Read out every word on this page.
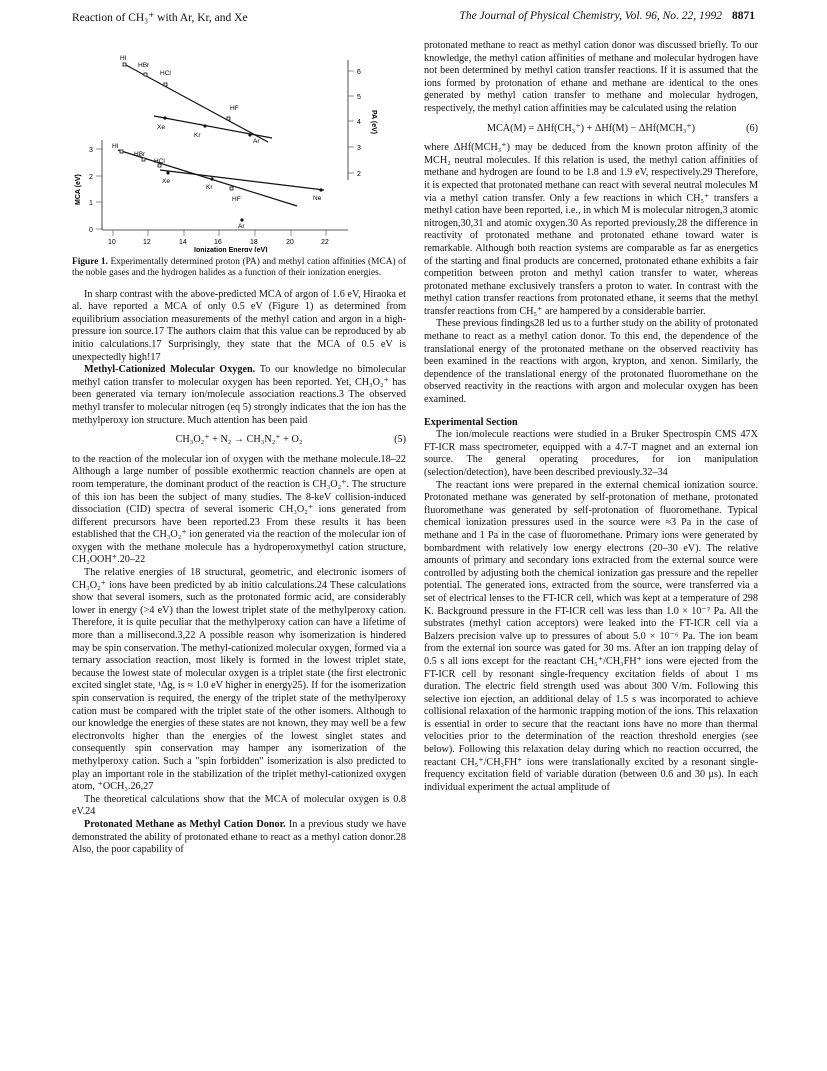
Reaction of CH₃⁺ with Ar, Kr, and Xe	The Journal of Physical Chemistry, Vol. 96, No. 22, 1992 8871
6
5
4
3
2
PA (eV)
3
2
1
0
MCA (eV)
10	12	14	16	18	20	22
Ionization Energy (eV)
HI
HBr
HCl
HF
Xe
Kr
Ar
HI
HBr
HCl
Xe
Kr
HF	Ne
Ar

Figure 1. Experimentally determined proton (PA) and methyl cation affinities (MCA) of the noble gases and the hydrogen halides as a function of their ionization energies.

In sharp contrast with the above-predicted MCA of argon of 1.6 eV, Hiraoka et al. have reported a MCA of only 0.5 eV (Figure 1) as determined from equilibrium association measurements of the methyl cation and argon in a high-pressure ion source.17 The authors claim that this value can be reproduced by ab initio calculations.17 Surprisingly, they state that the MCA of 0.5 eV is unexpectedly high!17

Methyl-Cationized Molecular Oxygen. To our knowledge no bimolecular methyl cation transfer to molecular oxygen has been reported. Yet, CH₃O₂⁺ has been generated via ternary ion/molecule association reactions.3 The observed methyl transfer to molecular nitrogen (eq 5) strongly indicates that the ion has the methylperoxy ion structure. Much attention has been paid

CH₃O₂⁺ + N₂ → CH₃N₂⁺ + O₂	(5)

to the reaction of the molecular ion of oxygen with the methane molecule.18–22 Although a large number of possible exothermic reaction channels are open at room temperature, the dominant product of the reaction is CH₃O₂⁺. The structure of this ion has been the subject of many studies. The 8-keV collision-induced dissociation (CID) spectra of several isomeric CH₃O₂⁺ ions generated from different precursors have been reported.23 From these results it has been established that the CH₃O₂⁺ ion generated via the reaction of the molecular ion of oxygen with the methane molecule has a hydroperoxymethyl cation structure, CH₂OOH⁺.20–22

The relative energies of 18 structural, geometric, and electronic isomers of CH₃O₂⁺ ions have been predicted by ab initio calculations.24 These calculations show that several isomers, such as the protonated formic acid, are considerably lower in energy (>4 eV) than the lowest triplet state of the methylperoxy cation. Therefore, it is quite peculiar that the methylperoxy cation can have a lifetime of more than a millisecond.3,22 A possible reason why isomerization is hindered may be spin conservation. The methyl-cationized molecular oxygen, formed via a ternary association reaction, most likely is formed in the lowest triplet state, because the lowest state of molecular oxygen is a triplet state (the first electronic excited singlet state, ¹Δg, is ≈ 1.0 eV higher in energy25). If for the isomerization spin conservation is required, the energy of the triplet state of the methylperoxy cation must be compared with the triplet state of the other isomers. Although to our knowledge the energies of these states are not known, they may well be a few electronvolts higher than the energies of the lowest singlet states and consequently spin conservation may hamper any isomerization of the methylperoxy cation. Such a "spin forbidden" isomerization is also predicted to play an important role in the stabilization of the triplet methyl-cationized oxygen atom, ⁺OCH₃.26,27

The theoretical calculations show that the MCA of molecular oxygen is 0.8 eV.24

Protonated Methane as Methyl Cation Donor. In a previous study we have demonstrated the ability of protonated ethane to react as a methyl cation donor.28 Also, the poor capability of

protonated methane to react as methyl cation donor was discussed briefly. To our knowledge, the methyl cation affinities of methane and molecular hydrogen have not been determined by methyl cation transfer reactions. If it is assumed that the ions formed by protonation of ethane and methane are identical to the ones generated by methyl cation transfer to methane and molecular hydrogen, respectively, the methyl cation affinities may be calculated using the relation

MCA(M) = ΔHf(CH₃⁺) + ΔHf(M) − ΔHf(MCH₃⁺)	(6)

where ΔHf(MCH₃⁺) may be deduced from the known proton affinity of the MCH₂ neutral molecules. If this relation is used, the methyl cation affinities of methane and hydrogen are found to be 1.8 and 1.9 eV, respectively.29 Therefore, it is expected that protonated methane can react with several neutral molecules M via a methyl cation transfer. Only a few reactions in which CH₅⁺ transfers a methyl cation have been reported, i.e., in which M is molecular nitrogen,3 atomic nitrogen,30,31 and atomic oxygen.30 As reported previously,28 the difference in reactivity of protonated methane and protonated ethane toward water is remarkable. Although both reaction systems are comparable as far as energetics of the starting and final products are concerned, protonated ethane exhibits a fair competition between proton and methyl cation transfer to water, whereas protonated methane exclusively transfers a proton to water. In contrast with the methyl cation transfer reactions from protonated ethane, it seems that the methyl transfer reactions from CH₅⁺ are hampered by a considerable barrier.

These previous findings28 led us to a further study on the ability of protonated methane to react as a methyl cation donor. To this end, the dependence of the translational energy of the protonated methane on the observed reactivity has been examined in the reactions with argon, krypton, and xenon. Similarly, the dependence of the translational energy of the protonated fluoromethane on the observed reactivity in the reactions with argon and molecular oxygen has been examined.

Experimental Section

The ion/molecule reactions were studied in a Bruker Spectrospin CMS 47X FT-ICR mass spectrometer, equipped with a 4.7-T magnet and an external ion source. The general operating procedures, for ion manipulation (selection/detection), have been described previously.32–34

The reactant ions were prepared in the external chemical ionization source. Protonated methane was generated by self-protonation of methane, protonated fluoromethane was generated by self-protonation of fluoromethane. Typical chemical ionization pressures used in the source were ≈3 Pa in the case of methane and 1 Pa in the case of fluoromethane. Primary ions were generated by bombardment with relatively low energy electrons (20–30 eV). The relative amounts of primary and secondary ions extracted from the external source were controlled by adjusting both the chemical ionization gas pressure and the repeller potential. The generated ions, extracted from the source, were transferred via a set of electrical lenses to the FT-ICR cell, which was kept at a temperature of 298 K. Background pressure in the FT-ICR cell was less than 1.0 × 10⁻⁷ Pa. All the substrates (methyl cation acceptors) were leaked into the FT-ICR cell via a Balzers precision valve up to pressures of about 5.0 × 10⁻⁶ Pa. The ion beam from the external ion source was gated for 30 ms. After an ion trapping delay of 0.5 s all ions except for the reactant CH₅⁺/CH₃FH⁺ ions were ejected from the FT-ICR cell by resonant single-frequency excitation fields of about 1 ms duration. The electric field strength used was about 300 V/m. Following this selective ion ejection, an additional delay of 1.5 s was incorporated to achieve collisional relaxation of the harmonic trapping motion of the ions. This relaxation is essential in order to secure that the reactant ions have no more than thermal velocities prior to the determination of the reaction threshold energies (see below). Following this relaxation delay during which no reaction occurred, the reactant CH₅⁺/CH₃FH⁺ ions were translationally excited by a resonant single-frequency excitation field of variable duration (between 0.6 and 30 μs). In each individual experiment the actual amplitude of
